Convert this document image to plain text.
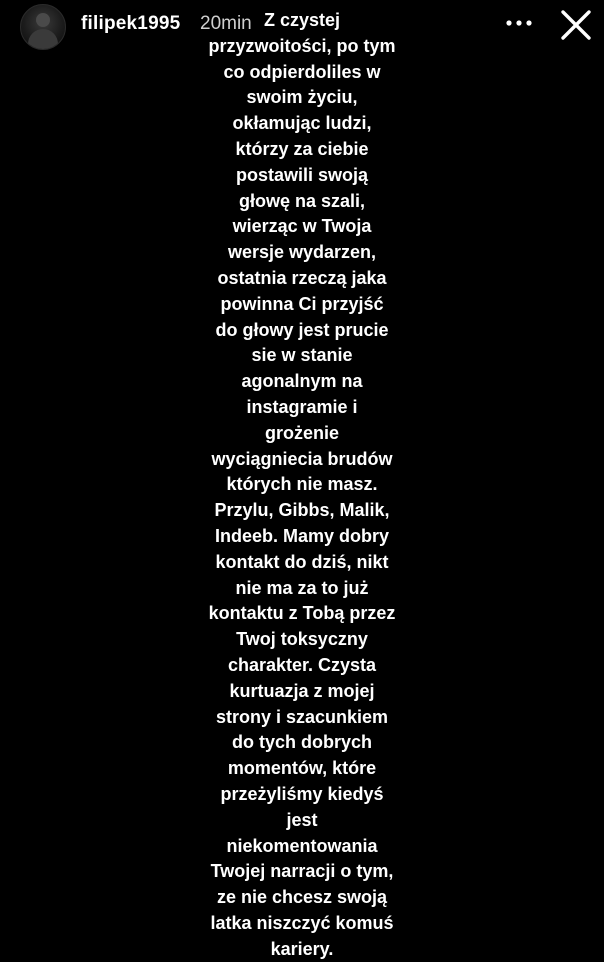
filipek1995 20min Z czystej
przyzwoitości, po tym
co odpierdoliles w
swoim życiu,
okłamując ludzi,
którzy za ciebie
postawili swoją
głowę na szali,
wierząc w Twoja
wersje wydarzen,
ostatnia rzeczą jaka
powinna Ci przyjść
do głowy jest prucie
sie w stanie
agonalnym na
instagramie i
grożenie
wyciągniecia brudów
których nie masz.
Przylu, Gibbs, Malik,
Indeeb. Mamy dobry
kontakt do dziś, nikt
nie ma za to już
kontaktu z Tobą przez
Twoj toksyczny
charakter. Czysta
kurtuazja z mojej
strony i szacunkiem
do tych dobrych
momentów, które
przeżyliśmy kiedyś
jest
niekomentowania
Twojej narracji o tym,
ze nie chcesz swoją
latka niszczyć komuś
kariery.
